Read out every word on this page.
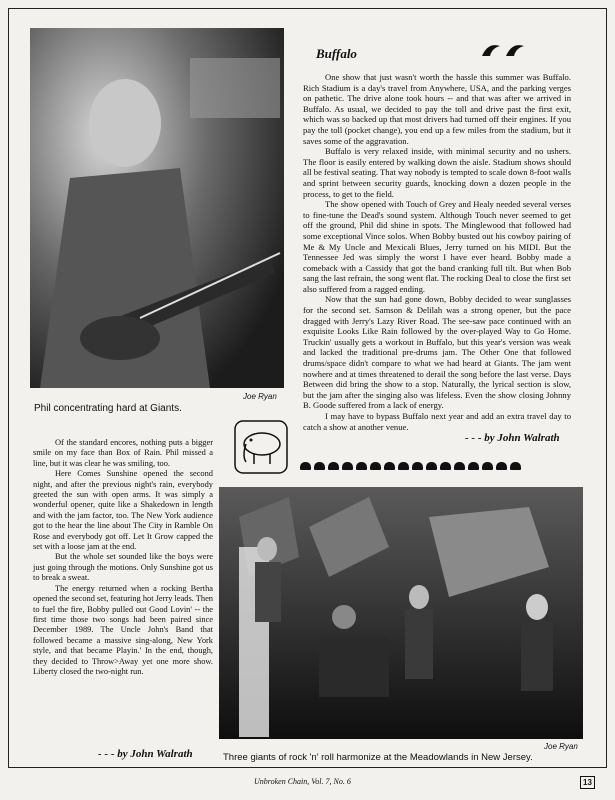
Joe Ryan
Phil concentrating hard at Giants.
Buffalo

One show that just wasn't worth the hassle this summer was Buffalo. Rich Stadium is a day's travel from Anywhere, USA, and the parking verges on pathetic. The drive alone took hours -- and that was after we arrived in Buffalo. As usual, we decided to pay the toll and drive past the first exit, which was so backed up that most drivers had turned off their engines. If you pay the toll (pocket change), you end up a few miles from the stadium, but it saves some of the aggravation.

Buffalo is very relaxed inside, with minimal security and no ushers. The floor is easily entered by walking down the aisle. Stadium shows should all be festival seating. That way nobody is tempted to scale down 8-foot walls and sprint between security guards, knocking down a dozen people in the process, to get to the field.

The show opened with Touch of Grey and Healy needed several verses to fine-tune the Dead's sound system. Although Touch never seemed to get off the ground, Phil did shine in spots. The Minglewood that followed had some exceptional Vince solos. When Bobby busted out his cowboy pairing of Me & My Uncle and Mexicali Blues, Jerry turned on his MIDI. But the Tennessee Jed was simply the worst I have ever heard. Bobby made a comeback with a Cassidy that got the band cranking full tilt. But when Bob sang the last refrain, the song went flat. The rocking Deal to close the first set also suffered from a ragged ending.

Now that the sun had gone down, Bobby decided to wear sunglasses for the second set. Samson & Delilah was a strong opener, but the pace dragged with Jerry's Lazy River Road. The see-saw pace continued with an exquisite Looks Like Rain followed by the over-played Way to Go Home. Truckin' usually gets a workout in Buffalo, but this year's version was weak and lacked the traditional pre-drums jam. The Other One that followed drums/space didn't compare to what we had heard at Giants. The jam went nowhere and at times threatened to derail the song before the last verse. Days Between did bring the show to a stop. Naturally, the lyrical section is slow, but the jam after the singing also was lifeless. Even the show closing Johnny B. Goode suffered from a lack of energy.

I may have to bypass Buffalo next year and add an extra travel day to catch a show at another venue.

- - - by John Walrath

Of the standard encores, nothing puts a bigger smile on my face than Box of Rain. Phil missed a line, but it was clear he was smiling, too.

Here Comes Sunshine opened the second night, and after the previous night's rain, everybody greeted the sun with open arms. It was simply a wonderful opener, quite like a Shakedown in length and with the jam factor, too. The New York audience got to the hear the line about The City in Ramble On Rose and everybody got off. Let It Grow capped the set with a loose jam at the end.

But the whole set sounded like the boys were just going through the motions. Only Sunshine got us to break a sweat.

The energy returned when a rocking Bertha opened the second set, featuring hot Jerry leads. Then to fuel the fire, Bobby pulled out Good Lovin' -- the first time those two songs had been paired since December 1989. The Uncle John's Band that followed became a massive sing-along, New York style, and that became Playin.' In the end, though, they decided to Throw>Away yet one more show. Liberty closed the two-night run.

- - - by John Walrath
Joe Ryan
Three giants of rock 'n' roll harmonize at the Meadowlands in New Jersey.
Unbroken Chain, Vol. 7, No. 6	13
